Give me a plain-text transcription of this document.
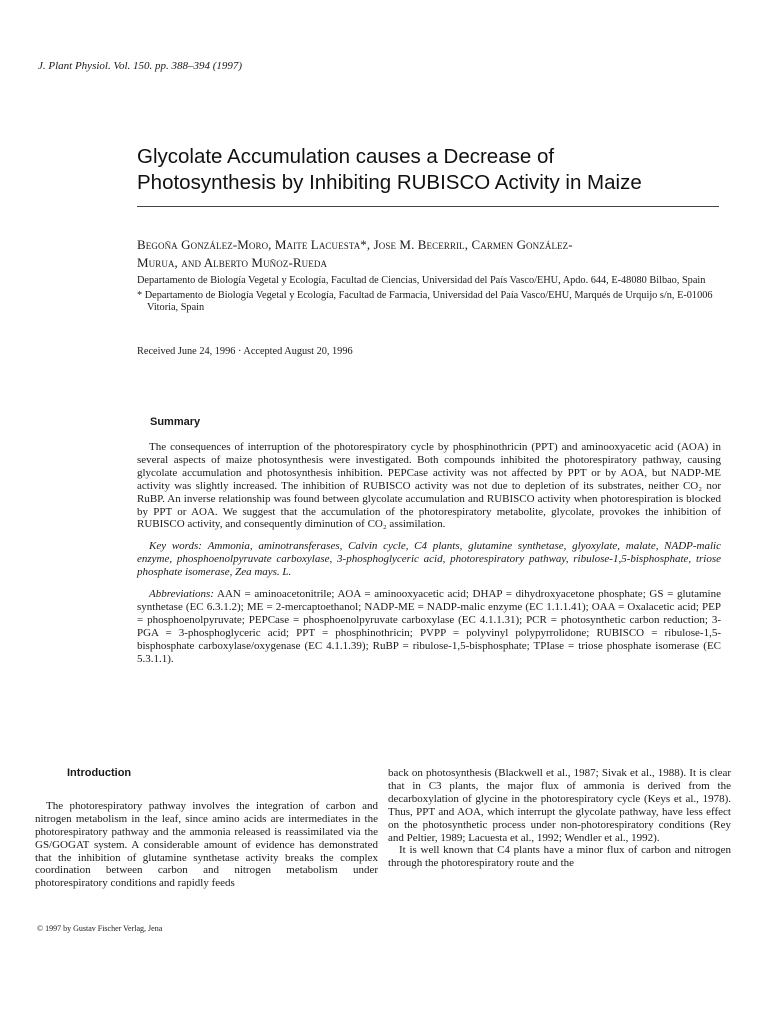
J. Plant Physiol. Vol. 150. pp. 388–394 (1997)
Glycolate Accumulation causes a Decrease of
Photosynthesis by Inhibiting RUBISCO Activity in Maize
Begoña González-Moro, Maite Lacuesta*, Jose M. Becerril, Carmen González-
Murua, and Alberto Muñoz-Rueda

Departamento de Biología Vegetal y Ecología, Facultad de Ciencias, Universidad del País Vasco/EHU, Apdo. 644, E-48080 Bilbao, Spain

* Departamento de Biología Vegetal y Ecología, Facultad de Farmacia, Universidad del Paía Vasco/EHU, Marqués de Urquijo s/n, E-01006 Vitoria, Spain

Received June 24, 1996 · Accepted August 20, 1996
Summary

The consequences of interruption of the photorespiratory cycle by phosphinothricin (PPT) and aminooxyacetic acid (AOA) in several aspects of maize photosynthesis were investigated. Both compounds inhibited the photorespiratory pathway, causing glycolate accumulation and photosynthesis inhibition. PEPCase activity was not affected by PPT or by AOA, but NADP-ME activity was slightly increased. The inhibition of RUBISCO activity was not due to depletion of its substrates, neither CO₂ nor RuBP. An inverse relationship was found between glycolate accumulation and RUBISCO activity when photorespiration is blocked by PPT or AOA. We suggest that the accumulation of the photorespiratory metabolite, glycolate, provokes the inhibition of RUBISCO activity, and consequently diminution of CO₂ assimilation.

Key words: Ammonia, aminotransferases, Calvin cycle, C4 plants, glutamine synthetase, glyoxylate, malate, NADP-malic enzyme, phosphoenolpyruvate carboxylase, 3-phosphoglyceric acid, photorespiratory pathway, ribulose-1,5-bisphosphate, triose phosphate isomerase, Zea mays. L.

Abbreviations: AAN = aminoacetonitrile; AOA = aminooxyacetic acid; DHAP = dihydroxyacetone phosphate; GS = glutamine synthetase (EC 6.3.1.2); ME = 2-mercaptoethanol; NADP-ME = NADP-malic enzyme (EC 1.1.1.41); OAA = Oxalacetic acid; PEP = phosphoenolpyruvate; PEPCase = phosphoenolpyruvate carboxylase (EC 4.1.1.31); PCR = photosynthetic carbon reduction; 3-PGA = 3-phosphoglyceric acid; PPT = phosphinothricin; PVPP = polyvinyl polypyrrolidone; RUBISCO = ribulose-1,5-bisphosphate carboxylase/oxygenase (EC 4.1.1.39); RuBP = ribulose-1,5-bisphosphate; TPIase = triose phosphate isomerase (EC 5.3.1.1).

Introduction

The photorespiratory pathway involves the integration of carbon and nitrogen metabolism in the leaf, since amino acids are intermediates in the photorespiratory pathway and the ammonia released is reassimilated via the GS/GOGAT system. A considerable amount of evidence has demonstrated that the inhibition of glutamine synthetase activity breaks the complex coordination between carbon and nitrogen metabolism under photorespiratory conditions and rapidly feeds

back on photosynthesis (Blackwell et al., 1987; Sivak et al., 1988). It is clear that in C3 plants, the major flux of ammonia is derived from the decarboxylation of glycine in the photorespiratory cycle (Keys et al., 1978). Thus, PPT and AOA, which interrupt the glycolate pathway, have less effect on the photosynthetic process under non-photorespiratory conditions (Rey and Peltier, 1989; Lacuesta et al., 1992; Wendler et al., 1992).

It is well known that C4 plants have a minor flux of carbon and nitrogen through the photorespiratory route and the

© 1997 by Gustav Fischer Verlag, Jena
